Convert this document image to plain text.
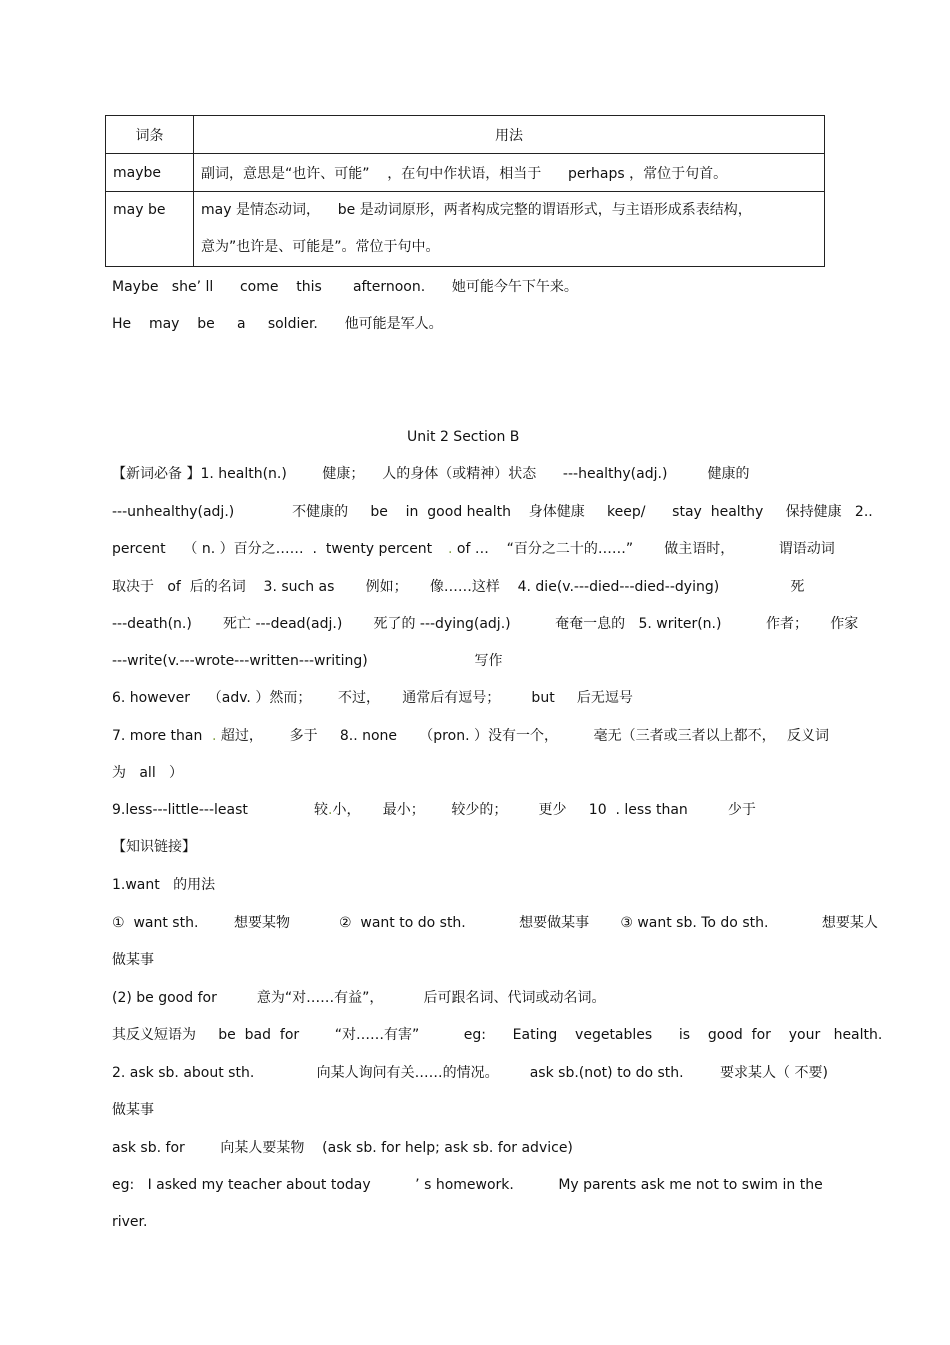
词条	用法
maybe	副词，意思是“也许、可能”    ，在句中作状语，相当于      perhaps ，常位于句首。
may be	may 是情态动词，    be 是动词原形，两者构成完整的谓语形式，与主语形成系表结构，
意为”也许是、可能是”。常位于句中。
Maybe   she’ ll      come    this       afternoon.      她可能今午下午来。
He    may    be     a     soldier.      他可能是军人。
Unit 2 Section B
【新词必备 】1. health(n.)        健康；    人的身体（或精神）状态      ---healthy(adj.)         健康的
---unhealthy(adj.)             不健康的     be    in  good health    身体健康     keep/      stay  healthy     保持健康   2..
percent    （ n. ）百分之……  .  twenty percent . of …    “百分之二十的……”       做主语时，          谓语动词
取决于   of  后的名词    3. such as       例如；     像……这样    4. die(v.---died---died--dying)                死
---death(n.)       死亡 ---dead(adj.)       死了的 ---dying(adj.)          奄奄一息的   5. writer(n.)          作者；     作家
---write(v.---wrote---written---writing)                        写作
6. however    （adv. ）然而；      不过，     通常后有逗号；       but     后无逗号
7. more than . 超过，      多于     8.. none     （pron. ）没有一个，        毫无（三者或三者以上都不， 反义词
为   all   ）
9.less---little---least	较.小，     最小；      较少的；       更少     10  . less than         少于
【知识链接】
1.want   的用法
①  want sth.        想要某物           ②  want to do sth.            想要做某事       ③ want sb. To do sth.            想要某人
做某事
(2) be good for         意为“对……有益”，         后可跟名词、代词或动名词。
其反义短语为     be  bad  for        “对……有害”          eg:      Eating    vegetables      is    good  for    your   health.
2. ask sb. about sth.              向某人询问有关……的情况。       ask sb.(not) to do sth.	要求某人（ 不要)
做某事
ask sb. for        向某人要某物    (ask sb. for help; ask sb. for advice)
eg:   I asked my teacher about today          ’ s homework.          My parents ask me not to swim in the
river.
